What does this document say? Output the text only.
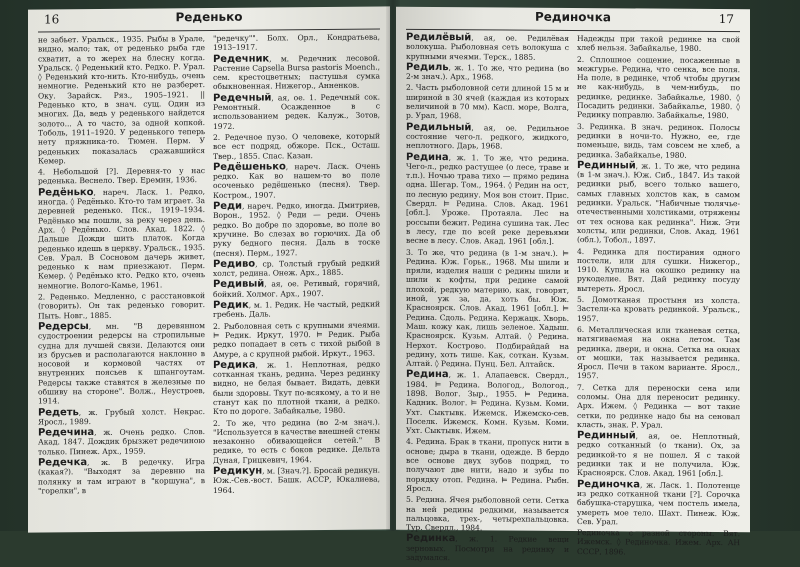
16	Реденько

не забьет. Уральск., 1935. Рыбы в Урале, видно, мало; так, от реденько рыба где схватит, а то жерех на блесну когда. Уральск. ◊ Реденький кто. Редко. Р. Урал. ◊ Реденький кто-нить. Кто-нибудь, очень немногие. Реденький кто не разберет. Оку. Зарайск. Ряз., 1905–1921. || Реденько кто, в знач. сущ. Один из многих. Да, ведь у реденького найдется золото... А то часто, за одной копкой. Тоболь, 1911–1920. У реденького теперь нету пряжника-то. Тюмен. Перм. У реденьких показалась сражавшийся Кемер.

4. Небольшой [?]. Деревня-то у нас реденька. Веснело. Твер. Еремин, 1936.

Редёнько, нареч. Ласк. 1. Редко, иногда. ◊ Редёнько. Кто-то там играет. За деревней реденько. Пск., 1919–1934. Редёнько мы пошли, за реку через день. Арх. ◊ Редёнько. Слов. Акад. 1822. ◊ Дальше Дожди шить платок. Когда реденько идешь в церкву. Уральск., 1935. Сев. Урал. В Сосновом дачерь живет, реденько к нам приезжают. Перм. Кемер. ◊ Редёнько кто. Редко кто, очень немногие. Волого-Камье, 1961.

2. Реденько. Медленно, с расстановкой (говорить). Он так реденько говорит. Пыть. Новг., 1885.

Редерсы, мн. "В деревянном судостроении редерсы на стропильные судна для лучшей связи. Делаются они из брусьев и располагаются наклонно в носовой и кормовой частях от внутренних поясьев к шпангоутам. Редерсы также ставятся в железные по обшиву на стороне". Волж., Неустроев, 1914.

Редеть, ж. Грубый холст. Некрас. Яросл., 1989.

Редечина, ж. Очень редко. Слов. Акад. 1847. Дождик брызжет редечиною только. Пинеж. Арх., 1959.

Редечка, ж. В редечку. Игра (какая?). "Выходят за деревню на полянку и там играют в "коршуна", в "горелки", в

"редечку"". Болх. Орл., Кондратьева, 1913–1917.

Редечник, м. Редечник лесовой. Растение Capsella Bursa pastoris Moench., сем. крестоцветных; пастушья сумка обыкновенная. Нижегор., Анненков.

Редечный, ая, ое. 1. Редечный сок. Ремонтный. Осажденное в с использованием редек. Калуж., Зотов, 1972.

2. Редечное пузо. О человеке, который все ест подряд, обжоре. Пск., Осташ. Твер., 1855. Спас. Казан.

Редёшенько, нареч. Ласк. Очень редко. Как во нашем-то во поле осоченько редёшенько (песня). Твер. Костром., 1907.

Реди, нареч. Редко, иногда. Дмитриев, Ворон., 1952. ◊ Реди — реди. Очень редко. Во добре по здоровье, во поле во кручине. Во слезах во горючих. Да об руку бедного песня. Даль в тоске (песня). Перм., 1927.

Редиво, ср. Толстый грубый редкий холст, редина. Онеж. Арх., 1885.

Редивый, ая, ое. Ретивый, горячий, бойкий. Холмог. Арх., 1907.

Редик, м. 1. Редик. Не частый, редкий гребень. Даль.

2. Рыболовная сеть с крупными ячеями. ⊨ Редик. Иркут, 1970. ⊨ Редик. Рыба редко попадает в сеть с тихой рыбой в Амуре, а с крупной рыбой. Иркут., 1963.

Редика, ж. 1. Неплотная, редко сотканная ткань, редина. Через рединку видно, не белая бывает. Видать, девки были здоровы. Ткут по-всякому, а то и не станут как по плотной ткани, а редко. Кто по дороге. Забайкалье, 1980.

2. То же, что редина (во 2-м знач.). "Используется в качестве внешней стены незаконно обивающейся сетей." В редике, то есть с боков редике. Дельта Дуная, Грицкевич, 1964.

Редикун, м. [Знач.?]. Бросай редикун. Юж.-Сев.-вост. Башк. АССР, Юкалиева, 1964.

Рединочка	17

Редилёвый, ая, ое. Редилёвая волокуша. Рыболовная сеть волокуша с крупными ячеями. Терск., 1885.

Редиль, ж. 1. То же, что редина (во 2-м знач.). Арх., 1968.

2. Часть рыболовной сети длиной 15 м и шириной в 30 ячей (каждая из которых величиной в 70 мм). Касп. море, Волга, р. Урал, 1968.

Редильный, ая, ое. Редильное состояние чего-л. редкого, жидкого, неплотного. Дарь, 1968.

Редина, ж. 1. То же, что редина. Чего-л., редко растущее (о лесе, траве и т.п.). Ночью трава тихо — прямо редина одна. Шегар. Том., 1964. ◊ Редин на ост, по лесную редину. Моя вон стоит. Прис. Свердл. ⊨ Редина. Слов. Акад. 1961 [обл.]. Уроже. Протаяла. Лес на россыпи бежит. Редина сушина так. Лес в лесу, где по всей реке деревьями весне в лесу. Слов. Акад. 1961 [обл.].

3. То же, что редина (в 1-м знач.). ⊨ Редина. Юж. Горьк., 1968. Мы шили и пряли, изделия наши с редины шили и шили к кофты, при редине самой плохой, редкую материю, как, говорят, иной, уж за, да, хоть бы. Юж. Красноярск. Слов. Акад. 1961 [обл.]. ⊨ Редина. Сдоль. Редина. Кержацк. Хворь. Маш. кожу как, лишь зеленое. Хадыш. Красноярск. Кузьм. Алтай. ◊ Редина. Нерхот. Кострово. Подбирайдай на редину, хоть тише. Как, соткан. Кузьм. Алтай. ◊ Редина. Пунц. Бел. Алтайск.

Редина, ж. 1. Алапаевск. Свердл., 1984. ⊨ Редина. Вологод., Вологод., 1898. Волог. Зыр., 1955. ⊨ Редина. Кадник. Волог. ⊨ Редина. Кузьм. Коми. Ухт. Сыктывк. Ижемск. Ижемско-сев. Поселк. Ижемск. Комн. Кузьм. Коми. Ухт. Сыктывк. Ижем.

4. Редина. Брак в ткани, пропуск нити в основе; дыра в ткани, одежде. В бердо все основе двух зубов подряд, то получают две нити, надо и зубы по порядку отоп. Редина. ⊨ Редина. Рыбн. Яросл.

5. Редина. Ячея рыболовной сети. Сетка на ней редины редкими, называется пальцовка, трех-, четырехпальцовка. Тур. Свердл., 1984.

Рединка, ж. 1. Редкие вещи зерновых. Посмотри на рединку и задумался.

Надежды при такой рединке на свой хлеб нельзя. Забайкалье, 1980.

2. Сплошное сощение, посаженные в межгурье. Редина, что сенка, все поля. На поле, в рединке, чтоб чтобы другим не как-нибудь, в чем-нибудь, по рединке, рединке. Забайкалье, 1980. ◊ Посадить рединки. Забайкалье, 1980. ◊ Рединку поправлю. Забайкалье, 1980.

3. Рединка. В знач. рединок. Полосы рединки в ночи-то. Нужно, ее, где поменьше, видь, там совсем не хлеб, а рединка. Забайкалье, 1980.

Рединный, ж. 1. То же, что редина (в 1-м знач.). Юж. Сиб., 1847. Из такой рединки рыб, всего только вашего, самых главных холстов как, в самом рединки. Уральск. "Набичные тюлячье-отечественными холстиками, отряжены от тех основа как рединка". Ниж. Эти холсты, или рединки, Слов. Акад. 1961 (обл.), Тобол., 1897.

4. Рединка для постирания одного постели, или для сушки. Нижегор., 1910. Купила на окошко рединку на рукоделие. Вят. Дай рединку посуду вытереть. Яросл.

5. Домотканая простыня из холста. Застели-ка кровать рединкой. Уральск., 1957.

6. Металлическая или тканевая сетка, натягиваемая на окна летом. Там рединка, двери, и окна. Сетка на окнах от мошки, так называется рединка. Яросл. Печи в таком варианте. Яросл., 1957.

7. Сетка для переноски сена или соломы. Она для переносит рединку. Арх. Ижем. ◊ Рединка — вот такие сетки, по рединке надо бы на сеновал класть, знак. Р. Урал.

Рединный, ая, ое. Неплотный, редко сотканный (о ткани). Ох, за рединкой-то я не пошел. Я с такой рединки так и не получила. Юж. Красноярск. Слов. Акад. 1961 [обл.].

Рединочка, ж. Ласк. 1. Полотенце из редко сотканной ткани [?]. Сорочка бабушка-старушка, чем постель имела, умереть мое тело. Шахт. Пинеж. Юж. Сев. Урал.

Рединочка с разной стороны. Вят. Ижемск. ◊ Рединочка. Ижем. Арх. АН СССР, 1896.
